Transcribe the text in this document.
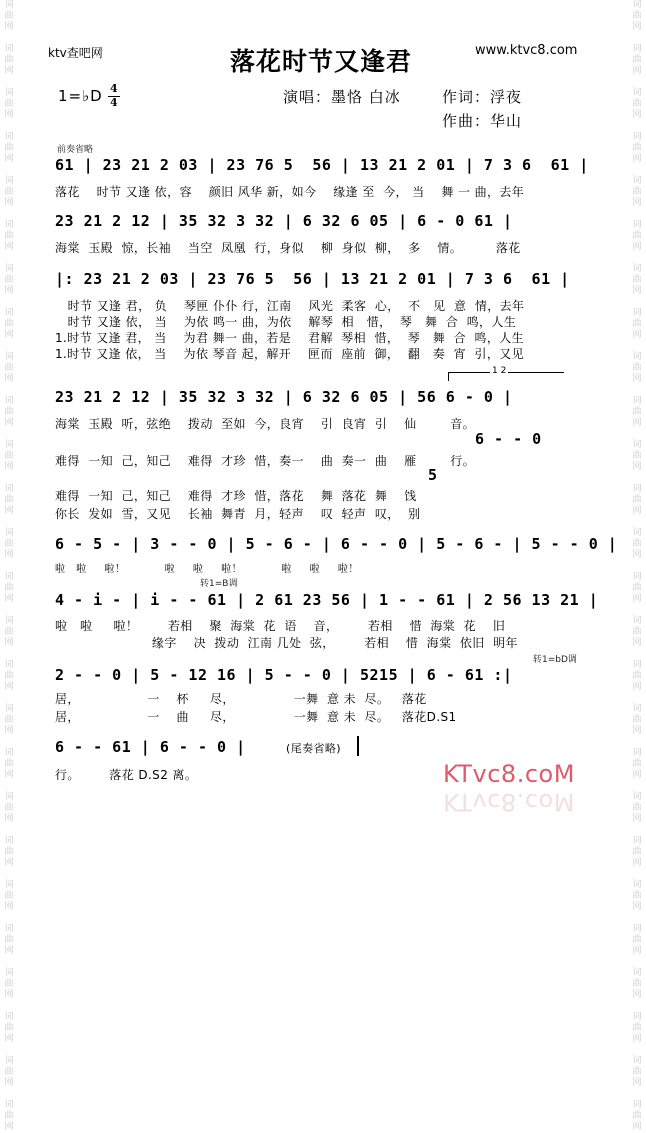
词
曲
网

词
曲
网

词
曲
网

词
曲
网

词
曲
网

词
曲
网

词
曲
网

词
曲
网

词
曲
网

词
曲
网

词
曲
网

词
曲
网

词
曲
网

词
曲
网

词
曲
网

词
曲
网

词
曲
网

词
曲
网

词
曲
网

词
曲
网

词
曲
网

词
曲
网

词
曲
网

词
曲
网

词
曲
网

词
曲
网

词
曲
网

词
曲
网

词
曲
网

词
曲
网

词
曲
网

词
曲
网

词
曲
网

词
曲
网

词
曲
网

词
曲
网

词
曲
网

词
曲
网

词
曲
网

词
曲
网

词
曲
网

词
曲
网

词
曲
网

词
曲
网

词
曲
网

词
曲
网

词
曲
网

词
曲
网

词
曲
网

词
曲
网

词
曲
网

词
曲
网

ktv查吧网	www.ktvc8.com
落花时节又逢君
1=♭D 4
4	演唱：墨恪 白冰	作词：浮夜
作曲：华山
前奏省略
61 | 23 21 2 03 | 23 76 5  56 | 13 21 2 01 | 7 3 6  61 |
落花    时节 又逢 依，容    颜旧 风华 新，如今    缘逢 至  今， 当    舞 一 曲，去年
23 21 2 12 | 35 32 3 32 | 6 32 6 05 | 6 - 0 61 |
海棠  玉殿  惊，长袖    当空  凤凰  行，身似    柳  身似  柳，  多    情。        落花
|: 23 21 2 03 | 23 76 5  56 | 13 21 2 01 | 7 3 6  61 |
时节 又逢 君， 负    琴匣 仆仆 行，江南    风光  柔客  心，  不   见  意  情，去年
时节 又逢 依， 当    为依 鸣一 曲，为依    解琴  相   惜，  琴   舞  合  鸣，人生
1.时节 又逢 君， 当    为君 舞一 曲，若是    君解  琴相  惜，  琴   舞  合  鸣，人生
1.时节 又逢 依， 当    为依 琴音 起，解开    匣而  座前  御，  翻   奏  宵  引，又见
1 2
23 21 2 12 | 35 32 3 32 | 6 32 6 05 | 56 6 - 0 |
海棠  玉殿  听，弦绝    拨动  至如  今，良宵    引  良宵  引    仙        音。
6 - - 0
难得  一知  己，知己    难得  才珍  惜，奏一    曲  奏一  曲    雁        行。
5
难得  一知  己，知己    难得  才珍  惜，落花    舞  落花  舞    饯
你长  发如  雪，又见    长袖  舞青  月，轻声    叹  轻声  叹，  别
6 - 5 - | 3 - - 0 | 5 - 6 - | 6 - - 0 | 5 - 6 - | 5 - - 0 |
啦   啦     啦！           啦     啦     啦！           啦     啦     啦！
转1=B调
4 - i - | i - - 61 | 2 61 23 56 | 1 - - 61 | 2 56 13 21 |
啦   啦     啦！       若相    聚  海棠  花  语    音，       若相    惜  海棠  花    旧
缘字    决  拨动  江南 几处  弦，       若相    惜  海棠  依旧  明年
转1=bD调
2 - - 0 | 5 - 12 16 | 5 - - 0 | 5215 | 6 - 61 :|
居，                一    杯     尽，              一舞  意 未  尽。   落花
居，                一    曲     尽，              一舞  意 未  尽。   落花D.S1
6 - - 61 | 6 - - 0 |	(尾奏省略)
行。       落花 D.S2 离。	KTvc8.coM
KTvc8.coM
